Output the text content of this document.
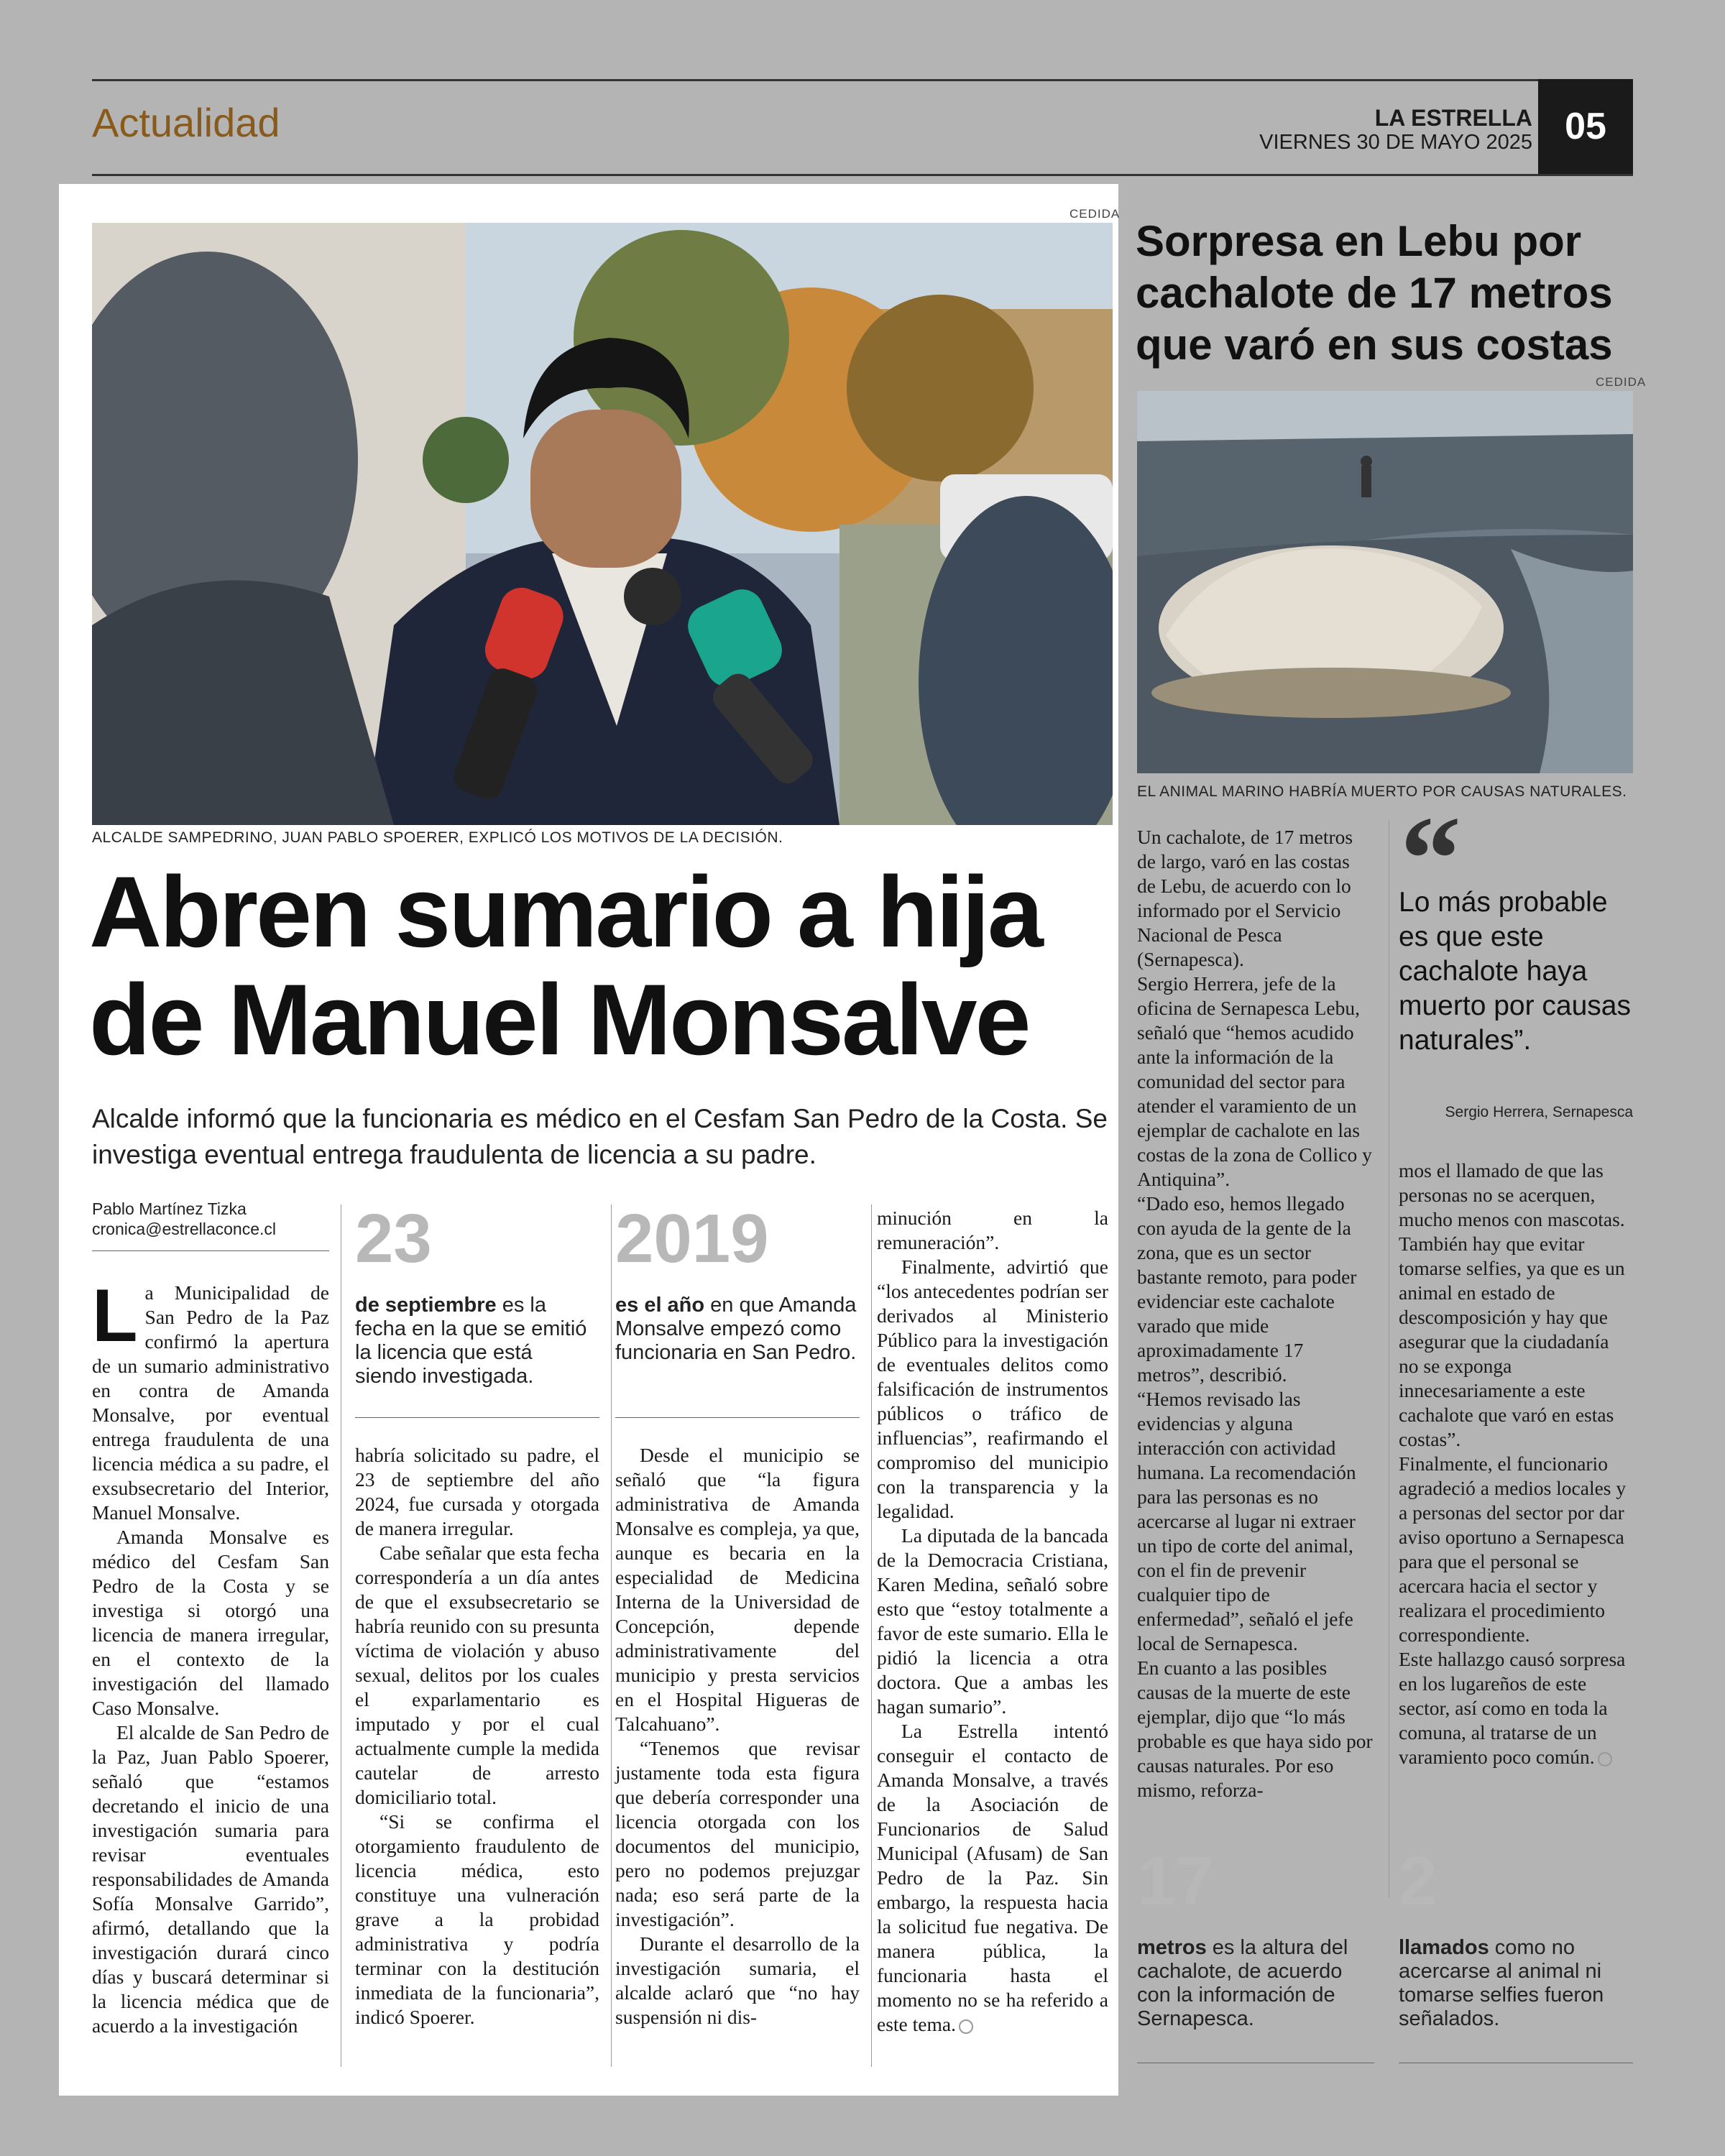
Actualidad	LA ESTRELLA
VIERNES 30 DE MAYO 2025 05
CEDIDA
ALCALDE SAMPEDRINO, JUAN PABLO SPOERER, EXPLICÓ LOS MOTIVOS DE LA DECISIÓN.
Abren sumario a hija
de Manuel Monsalve
Alcalde informó que la funcionaria es médico en el Cesfam San Pedro de la Costa. Se investiga eventual entrega fraudulenta de licencia a su padre.
Pablo Martínez Tizka
cronica@estrellaconce.cl

La Municipalidad de San Pedro de la Paz confirmó la apertura de un sumario administrativo en contra de Amanda Monsalve, por eventual entrega fraudulenta de una licencia médica a su padre, el exsubsecretario del Interior, Manuel Monsalve.

Amanda Monsalve es médico del Cesfam San Pedro de la Costa y se investiga si otorgó una licencia de manera irregular, en el contexto de la investigación del llamado Caso Monsalve.

El alcalde de San Pedro de la Paz, Juan Pablo Spoerer, señaló que “estamos decretando el inicio de una investigación sumaria para revisar eventuales responsabilidades de Amanda Sofía Monsalve Garrido”, afirmó, detallando que la investigación durará cinco días y buscará determinar si la licencia médica que de acuerdo a la investigación

23
de septiembre es la fecha en la que se emitió la licencia que está siendo investigada.

habría solicitado su padre, el 23 de septiembre del año 2024, fue cursada y otorgada de manera irregular.

Cabe señalar que esta fecha correspondería a un día antes de que el exsubsecretario se habría reunido con su presunta víctima de violación y abuso sexual, delitos por los cuales el exparlamentario es imputado y por el cual actualmente cumple la medida cautelar de arresto domiciliario total.

“Si se confirma el otorgamiento fraudulento de licencia médica, esto constituye una vulneración grave a la probidad administrativa y podría terminar con la destitución inmediata de la funcionaria”, indicó Spoerer.

2019
es el año en que Amanda Monsalve empezó como funcionaria en San Pedro.

Desde el municipio se señaló que “la figura administrativa de Amanda Monsalve es compleja, ya que, aunque es becaria en la especialidad de Medicina Interna de la Universidad de Concepción, depende administrativamente del municipio y presta servicios en el Hospital Higueras de Talcahuano”.

“Tenemos que revisar justamente toda esta figura que debería corresponder una licencia otorgada con los documentos del municipio, pero no podemos prejuzgar nada; eso será parte de la investigación”.

Durante el desarrollo de la investigación sumaria, el alcalde aclaró que “no hay suspensión ni dis-

minución en la remuneración”.

Finalmente, advirtió que “los antecedentes podrían ser derivados al Ministerio Público para la investigación de eventuales delitos como falsificación de instrumentos públicos o tráfico de influencias”, reafirmando el compromiso del municipio con la transparencia y la legalidad.

La diputada de la bancada de la Democracia Cristiana, Karen Medina, señaló sobre esto que “estoy totalmente a favor de este sumario. Ella le pidió la licencia a otra doctora. Que a ambas les hagan sumario”.

La Estrella intentó conseguir el contacto de Amanda Monsalve, a través de la Asociación de Funcionarios de Salud Municipal (Afusam) de San Pedro de la Paz. Sin embargo, la respuesta hacia la solicitud fue negativa. De manera pública, la funcionaria hasta el momento no se ha referido a este tema.

Sorpresa en Lebu por cachalote de 17 metros que varó en sus costas
CEDIDA
EL ANIMAL MARINO HABRÍA MUERTO POR CAUSAS NATURALES.

Un cachalote, de 17 metros de largo, varó en las costas de Lebu, de acuerdo con lo informado por el Servicio Nacional de Pesca (Sernapesca).

Sergio Herrera, jefe de la oficina de Sernapesca Lebu, señaló que “hemos acudido ante la información de la comunidad del sector para atender el varamiento de un ejemplar de cachalote en las costas de la zona de Collico y Antiquina”.

“Dado eso, hemos llegado con ayuda de la gente de la zona, que es un sector bastante remoto, para poder evidenciar este cachalote varado que mide aproximadamente 17 metros”, describió.

“Hemos revisado las evidencias y alguna interacción con actividad humana. La recomendación para las personas es no acercarse al lugar ni extraer un tipo de corte del animal, con el fin de prevenir cualquier tipo de enfermedad”, señaló el jefe local de Sernapesca.

En cuanto a las posibles causas de la muerte de este ejemplar, dijo que “lo más probable es que haya sido por causas naturales. Por eso mismo, reforza-

“
Lo más probable es que este cachalote haya muerto por causas naturales”.
Sergio Herrera, Sernapesca

mos el llamado de que las personas no se acerquen, mucho menos con mascotas. También hay que evitar tomarse selfies, ya que es un animal en estado de descomposición y hay que asegurar que la ciudadanía no se exponga innecesariamente a este cachalote que varó en estas costas”.

Finalmente, el funcionario agradeció a medios locales y a personas del sector por dar aviso oportuno a Sernapesca para que el personal se acercara hacia el sector y realizara el procedimiento correspondiente.

Este hallazgo causó sorpresa en los lugareños de este sector, así como en toda la comuna, al tratarse de un varamiento poco común.

17
metros es la altura del cachalote, de acuerdo con la información de Sernapesca.
2
llamados como no acercarse al animal ni tomarse selfies fueron señalados.
